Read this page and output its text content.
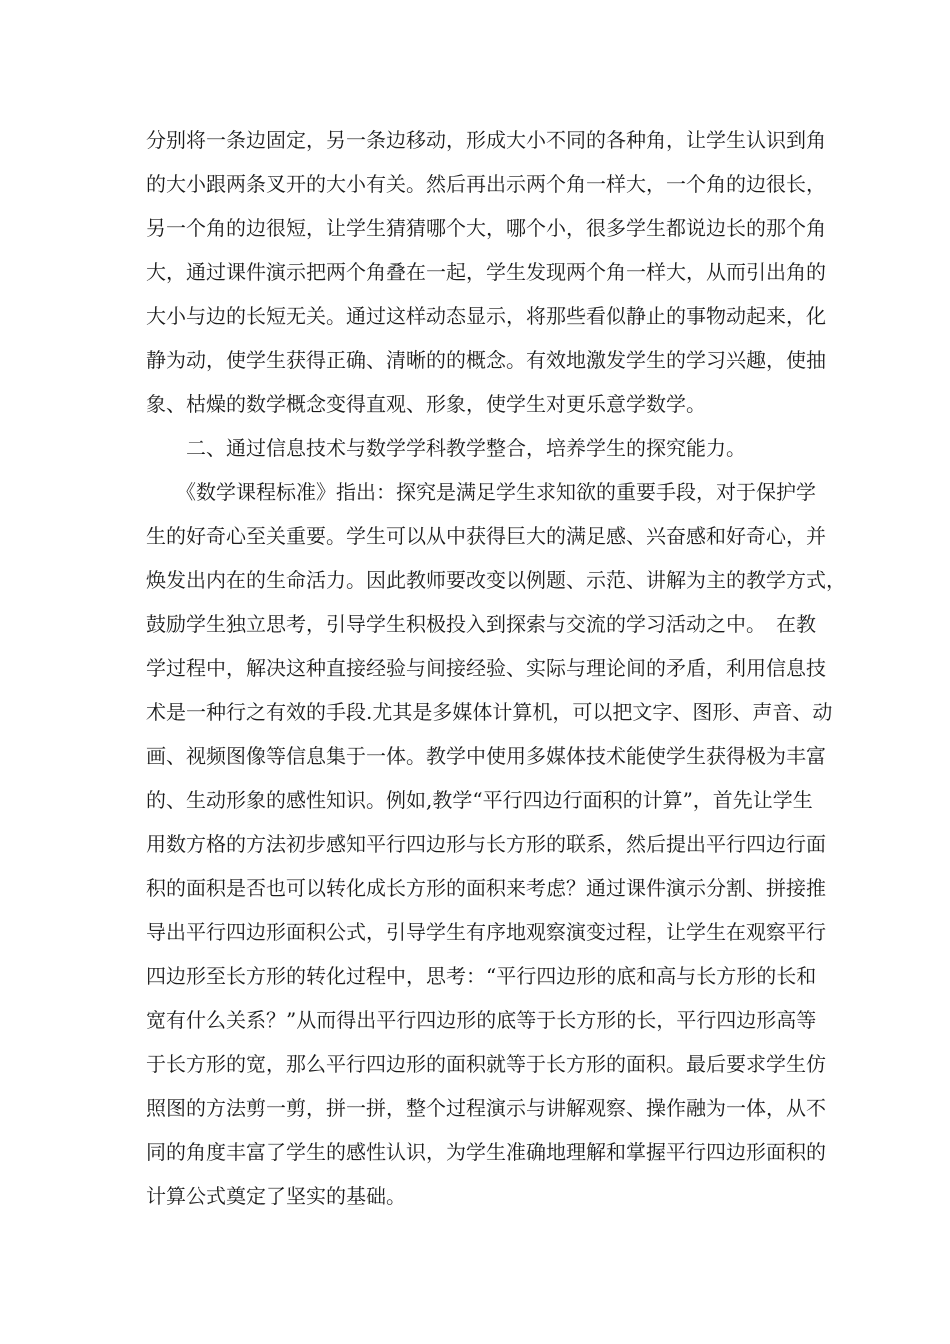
分别将一条边固定，另一条边移动，形成大小不同的各种角，让学生认识到角
的大小跟两条叉开的大小有关。然后再出示两个角一样大，一个角的边很长，
另一个角的边很短，让学生猜猜哪个大，哪个小，很多学生都说边长的那个角
大，通过课件演示把两个角叠在一起，学生发现两个角一样大，从而引出角的
大小与边的长短无关。通过这样动态显示，将那些看似静止的事物动起来，化
静为动，使学生获得正确、清晰的的概念。有效地激发学生的学习兴趣，使抽
象、枯燥的数学概念变得直观、形象，使学生对更乐意学数学。
　　二、通过信息技术与数学学科教学整合，培养学生的探究能力。
　　《数学课程标准》指出：探究是满足学生求知欲的重要手段，对于保护学
生的好奇心至关重要。学生可以从中获得巨大的满足感、兴奋感和好奇心，并
焕发出内在的生命活力。因此教师要改变以例题、示范、讲解为主的教学方式，
鼓励学生独立思考，引导学生积极投入到探索与交流的学习活动之中。　在教
学过程中，解决这种直接经验与间接经验、实际与理论间的矛盾，利用信息技
术是一种行之有效的手段.尤其是多媒体计算机，可以把文字、图形、声音、动
画、视频图像等信息集于一体。教学中使用多媒体技术能使学生获得极为丰富
的、生动形象的感性知识。例如,教学“平行四边行面积的计算”，首先让学生
用数方格的方法初步感知平行四边形与长方形的联系，然后提出平行四边行面
积的面积是否也可以转化成长方形的面积来考虑？通过课件演示分割、拼接推
导出平行四边形面积公式，引导学生有序地观察演变过程，让学生在观察平行
四边形至长方形的转化过程中，思考：“平行四边形的底和高与长方形的长和
宽有什么关系？”从而得出平行四边形的底等于长方形的长，平行四边形高等
于长方形的宽，那么平行四边形的面积就等于长方形的面积。最后要求学生仿
照图的方法剪一剪，拼一拼，整个过程演示与讲解观察、操作融为一体，从不
同的角度丰富了学生的感性认识，为学生准确地理解和掌握平行四边形面积的
计算公式奠定了坚实的基础。
